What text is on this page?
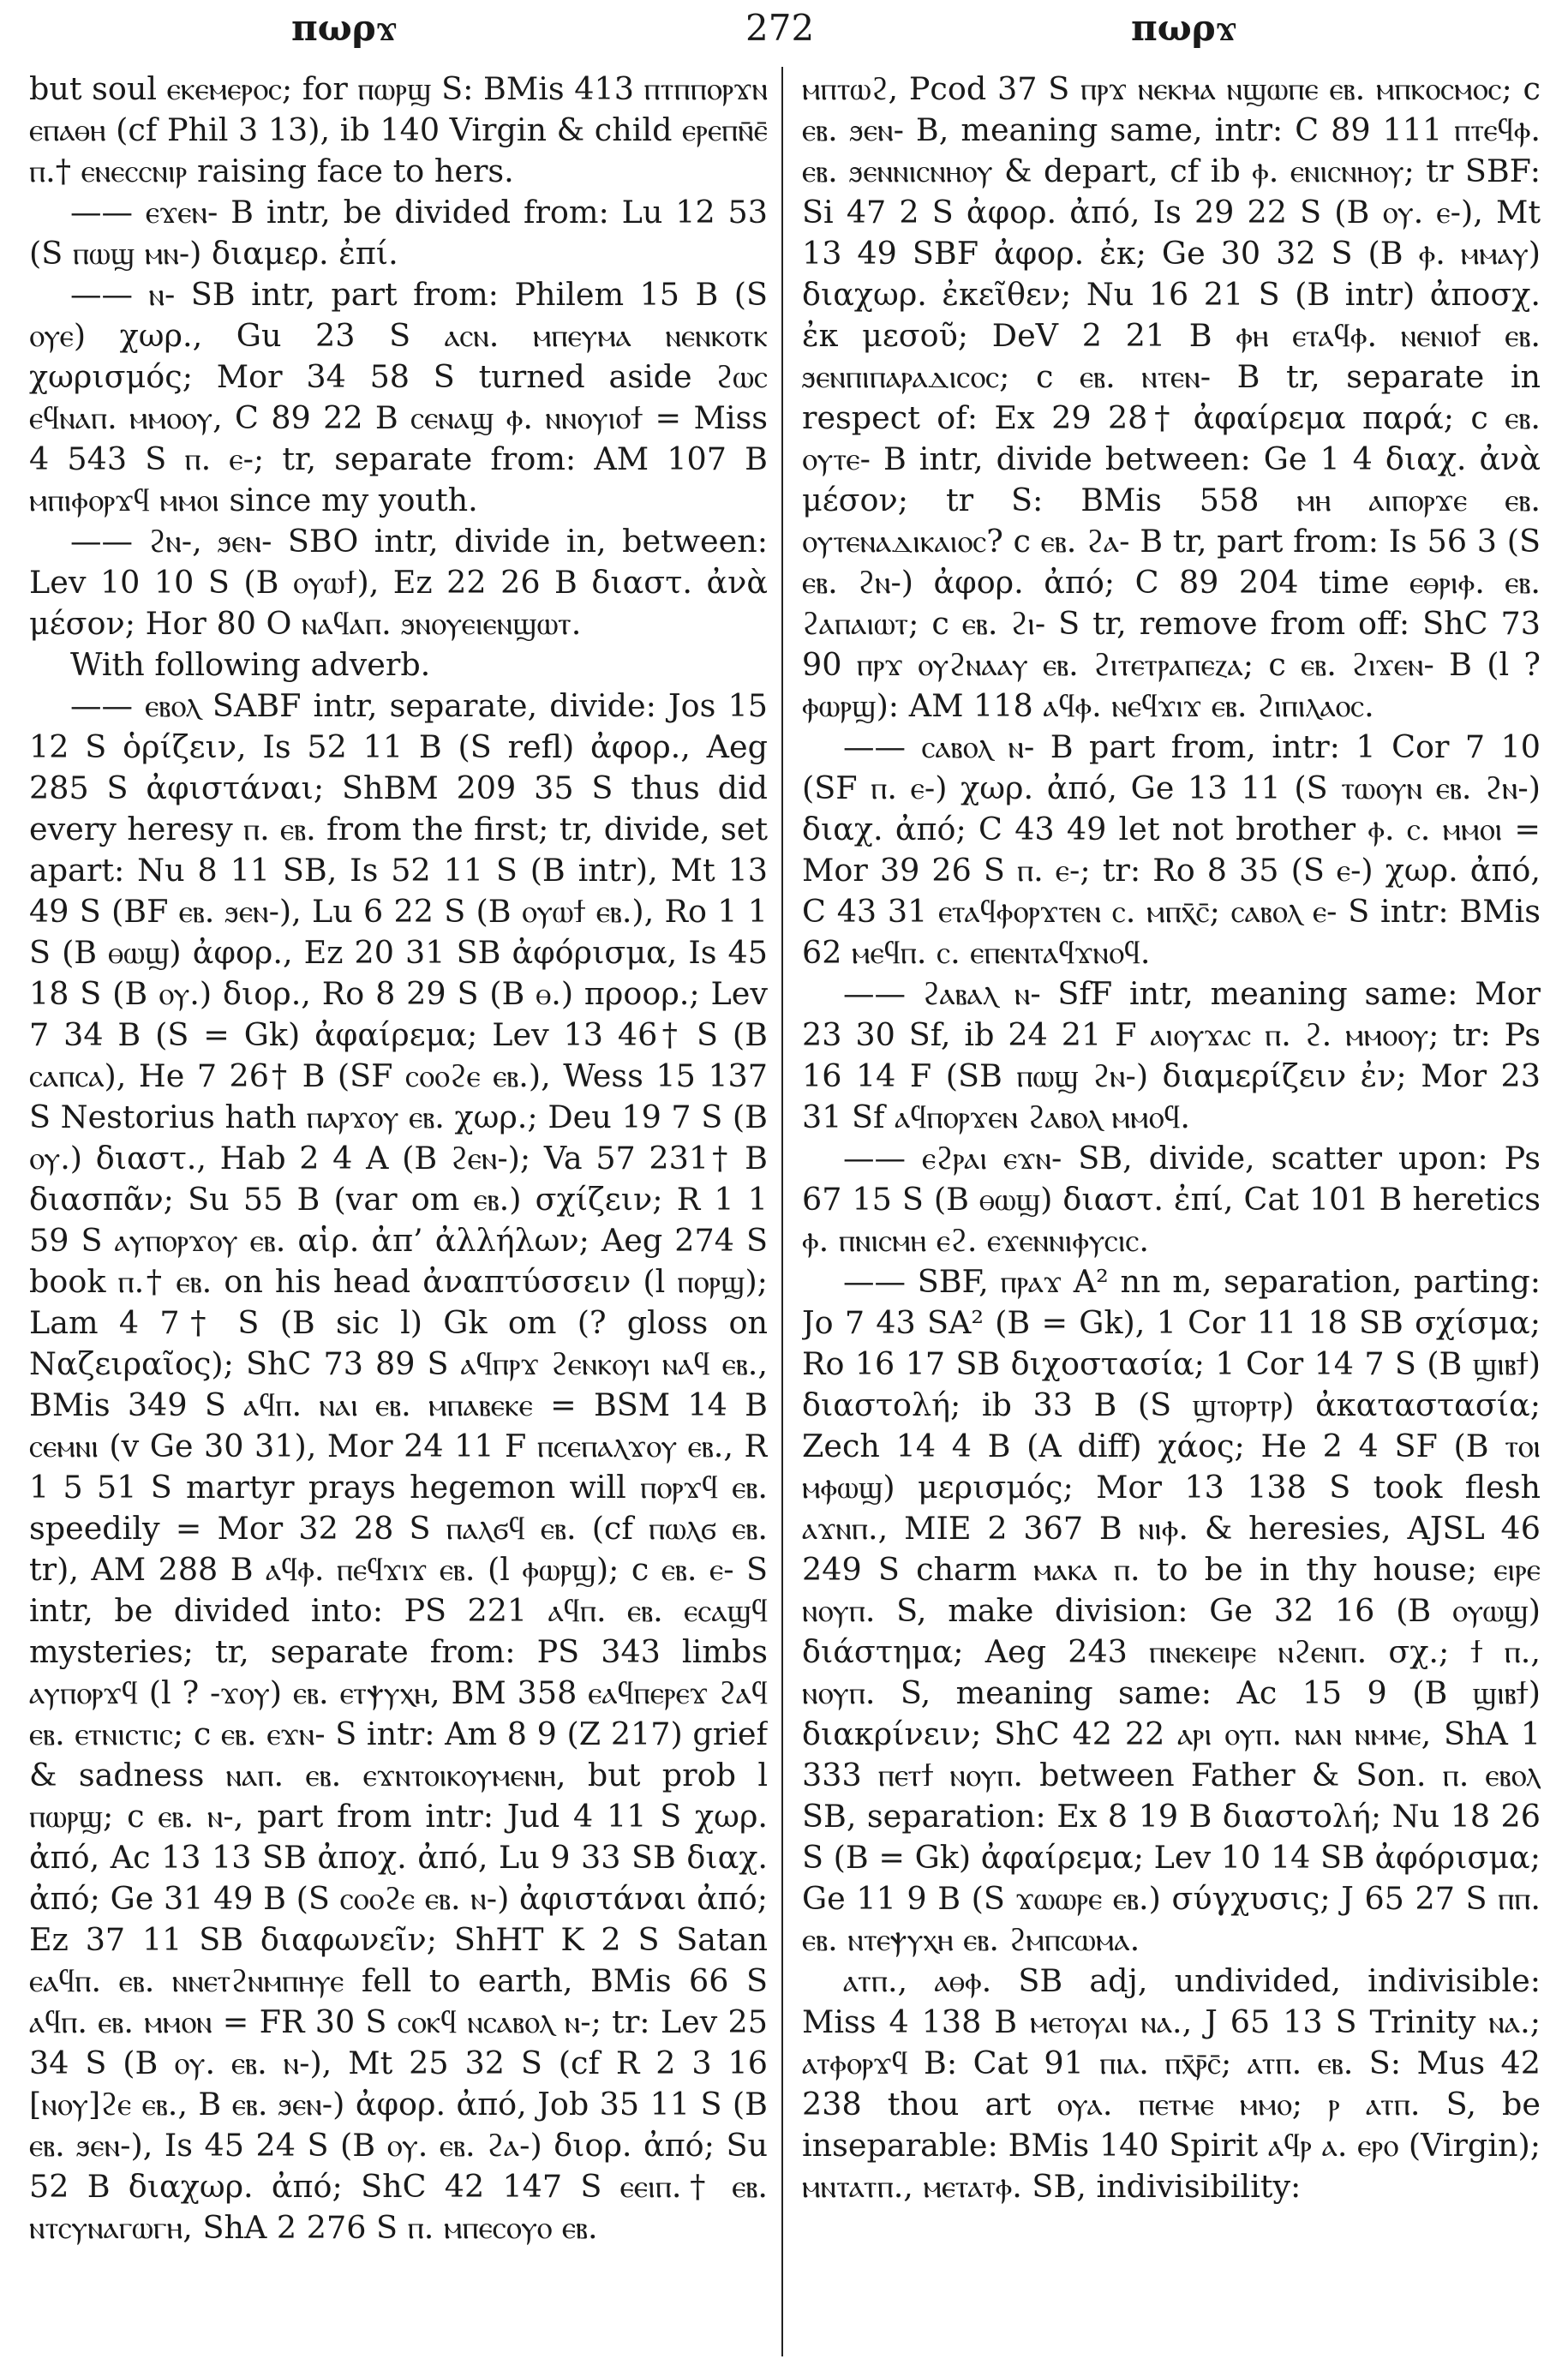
πωρϫ	272	πωρϫ

but soul ⲉⲕⲉⲙⲉⲣⲟⲥ; for ⲡⲱⲣϣ S: BMis 413 ⲡⲧⲡⲡⲟⲣϫⲛ ⲉⲡⲁⲑⲏ (cf Phil 3 13), ib 140 Virgin & child ⲉⲣⲉⲡⲛ̄ⲉ̄ ⲡ.† ⲉⲛⲉⲥⲥⲛⲓⲣ raising face to hers.

—— ⲉϫⲉⲛ- B intr, be divided from: Lu 12 53 (S ⲡⲱϣ ⲙⲛ-) διαμερ. ἐπί.

—— ⲛ- SB intr, part from: Philem 15 B (S ⲟⲩⲉ) χωρ., Gu 23 S ⲁⲥⲛ. ⲙⲡⲉⲩⲙⲁ ⲛⲉⲛⲕⲟⲧⲕ χωρισμός; Mor 34 58 S turned aside ϩⲱⲥ ⲉϥⲛⲁⲡ. ⲙⲙⲟⲟⲩ, C 89 22 B ⲥⲉⲛⲁϣ ⲫ. ⲛⲛⲟⲩⲓⲟϯ = Miss 4 543 S ⲡ. ⲉ-; tr, separate from: AM 107 B ⲙⲡⲓⲫⲟⲣϫϥ ⲙⲙⲟⲓ since my youth.

—— ϩⲛ-, ϧⲉⲛ- SBO intr, divide in, between: Lev 10 10 S (B ⲟⲩⲱϯ), Ez 22 26 B διαστ. ἀνὰ μέσον; Hor 80 O ⲛⲁϥⲁⲡ. ϧⲛⲟⲩⲉⲓⲉⲛϣⲱⲧ.

With following adverb.

—— ⲉⲃⲟⲗ SABF intr, separate, divide: Jos 15 12 S ὁρίζειν, Is 52 11 B (S refl) ἀφορ., Aeg 285 S ἀφιστάναι; ShBM 209 35 S thus did every heresy ⲡ. ⲉⲃ. from the first; tr, divide, set apart: Nu 8 11 SB, Is 52 11 S (B intr), Mt 13 49 S (BF ⲉⲃ. ϧⲉⲛ-), Lu 6 22 S (B ⲟⲩⲱϯ ⲉⲃ.), Ro 1 1 S (B ⲑⲱϣ) ἀφορ., Ez 20 31 SB ἀφόρισμα, Is 45 18 S (B ⲟⲩ.) διορ., Ro 8 29 S (B ⲑ.) προορ.; Lev 7 34 B (S = Gk) ἀφαίρεμα; Lev 13 46† S (B ⲥⲁⲡⲥⲁ), He 7 26† B (SF ⲥⲟⲟϩⲉ ⲉⲃ.), Wess 15 137 S Nestorius hath ⲡⲁⲣϫⲟⲩ ⲉⲃ. χωρ.; Deu 19 7 S (B ⲟⲩ.) διαστ., Hab 2 4 A (B ϩⲉⲛ-); Va 57 231† B διασπᾶν; Su 55 B (var om ⲉⲃ.) σχίζειν; R 1 1 59 S ⲁⲩⲡⲟⲣϫⲟⲩ ⲉⲃ. αἱρ. ἀπ’ ἀλλήλων; Aeg 274 S book ⲡ.† ⲉⲃ. on his head ἀναπτύσσειν (l ⲡⲟⲣϣ); Lam 4 7† S (B sic l) Gk om (? gloss on Ναζειραῖος); ShC 73 89 S ⲁϥⲡⲣϫ ϩⲉⲛⲕⲟⲩⲓ ⲛⲁϥ ⲉⲃ., BMis 349 S ⲁϥⲡ. ⲛⲁⲓ ⲉⲃ. ⲙⲡⲁⲃⲉⲕⲉ = BSM 14 B ⲥⲉⲙⲛⲓ (v Ge 30 31), Mor 24 11 F ⲡⲥⲉⲡⲁⲗϫⲟⲩ ⲉⲃ., R 1 5 51 S martyr prays hegemon will ⲡⲟⲣϫϥ ⲉⲃ. speedily = Mor 32 28 S ⲡⲁⲗϭϥ ⲉⲃ. (cf ⲡⲱⲗϭ ⲉⲃ. tr), AM 288 B ⲁϥⲫ. ⲡⲉϥϫⲓϫ ⲉⲃ. (l ⲫⲱⲣϣ); c ⲉⲃ. ⲉ- S intr, be divided into: PS 221 ⲁϥⲡ. ⲉⲃ. ⲉⲥⲁϣϥ mysteries; tr, separate from: PS 343 limbs ⲁⲩⲡⲟⲣϫϥ (l ? -ϫⲟⲩ) ⲉⲃ. ⲉⲧⲯⲩⲭⲏ, BM 358 ⲉⲁϥⲡⲉⲣⲉϫ ϩⲁϥ ⲉⲃ. ⲉⲧⲛⲓⲥⲧⲓⲥ; c ⲉⲃ. ⲉϫⲛ- S intr: Am 8 9 (Z 217) grief & sadness ⲛⲁⲡ. ⲉⲃ. ⲉϫⲛⲧⲟⲓⲕⲟⲩⲙⲉⲛⲏ, but prob l ⲡⲱⲣϣ; c ⲉⲃ. ⲛ-, part from intr: Jud 4 11 S χωρ. ἀπό, Ac 13 13 SB ἀποχ. ἀπό, Lu 9 33 SB διαχ. ἀπό; Ge 31 49 B (S ⲥⲟⲟϩⲉ ⲉⲃ. ⲛ-) ἀφιστάναι ἀπό; Ez 37 11 SB διαφωνεῖν; ShHT K 2 S Satan ⲉⲁϥⲡ. ⲉⲃ. ⲛⲛⲉⲧϩⲛⲙⲡⲏⲩⲉ fell to earth, BMis 66 S ⲁϥⲡ. ⲉⲃ. ⲙⲙⲟⲛ = FR 30 S ⲥⲟⲕϥ ⲛⲥⲁⲃⲟⲗ ⲛ-; tr: Lev 25 34 S (B ⲟⲩ. ⲉⲃ. ⲛ-), Mt 25 32 S (cf R 2 3 16 [ⲛⲟⲩ]ϩⲉ ⲉⲃ., B ⲉⲃ. ϧⲉⲛ-) ἀφορ. ἀπό, Job 35 11 S (B ⲉⲃ. ϧⲉⲛ-), Is 45 24 S (B ⲟⲩ. ⲉⲃ. ϩⲁ-) διορ. ἀπό; Su 52 B διαχωρ. ἀπό; ShC 42 147 S ⲉⲉⲓⲡ.† ⲉⲃ. ⲛⲧⲥⲩⲛⲁⲅⲱⲅⲏ, ShA 2 276 S ⲡ. ⲙⲡⲉⲥⲟⲩⲟ ⲉⲃ.

ⲙⲡⲧⲱϩ, Pcod 37 S ⲡⲣϫ ⲛⲉⲕⲙⲁ ⲛϣⲱⲡⲉ ⲉⲃ. ⲙⲡⲕⲟⲥⲙⲟⲥ; c ⲉⲃ. ϧⲉⲛ- B, meaning same, intr: C 89 111 ⲡⲧⲉϥⲫ. ⲉⲃ. ϧⲉⲛⲛⲓⲥⲛⲏⲟⲩ & depart, cf ib ⲫ. ⲉⲛⲓⲥⲛⲏⲟⲩ; tr SBF: Si 47 2 S ἀφορ. ἀπό, Is 29 22 S (B ⲟⲩ. ⲉ-), Mt 13 49 SBF ἀφορ. ἐκ; Ge 30 32 S (B ⲫ. ⲙⲙⲁⲩ) διαχωρ. ἐκεῖθεν; Nu 16 21 S (B intr) ἀποσχ. ἐκ μεσοῦ; DeV 2 21 B ⲫⲏ ⲉⲧⲁϥⲫ. ⲛⲉⲛⲓⲟϯ ⲉⲃ. ϧⲉⲛⲡⲓⲡⲁⲣⲁⲇⲓⲥⲟⲥ; c ⲉⲃ. ⲛⲧⲉⲛ- B tr, separate in respect of: Ex 29 28† ἀφαίρεμα παρά; c ⲉⲃ. ⲟⲩⲧⲉ- B intr, divide between: Ge 1 4 διαχ. ἀνὰ μέσον; tr S: BMis 558 ⲙⲏ ⲁⲓⲡⲟⲣϫⲉ ⲉⲃ. ⲟⲩⲧⲉⲛⲁⲇⲓⲕⲁⲓⲟⲥ? c ⲉⲃ. ϩⲁ- B tr, part from: Is 56 3 (S ⲉⲃ. ϩⲛ-) ἀφορ. ἀπό; C 89 204 time ⲉⲑⲣⲓⲫ. ⲉⲃ. ϩⲁⲡⲁⲓⲱⲧ; c ⲉⲃ. ϩⲓ- S tr, remove from off: ShC 73 90 ⲡⲣϫ ⲟⲩϩⲛⲁⲁⲩ ⲉⲃ. ϩⲓⲧⲉⲧⲣⲁⲡⲉⲍⲁ; c ⲉⲃ. ϩⲓϫⲉⲛ- B (l ? ⲫⲱⲣϣ): AM 118 ⲁϥⲫ. ⲛⲉϥϫⲓϫ ⲉⲃ. ϩⲓⲡⲓⲗⲁⲟⲥ.

—— ⲥⲁⲃⲟⲗ ⲛ- B part from, intr: 1 Cor 7 10 (SF ⲡ. ⲉ-) χωρ. ἀπό, Ge 13 11 (S ⲧⲱⲟⲩⲛ ⲉⲃ. ϩⲛ-) διαχ. ἀπό; C 43 49 let not brother ⲫ. ⲥ. ⲙⲙⲟⲓ = Mor 39 26 S ⲡ. ⲉ-; tr: Ro 8 35 (S ⲉ-) χωρ. ἀπό, C 43 31 ⲉⲧⲁϥⲫⲟⲣϫⲧⲉⲛ ⲥ. ⲙⲡⲭ̄ⲥ̄; ⲥⲁⲃⲟⲗ ⲉ- S intr: BMis 62 ⲙⲉϥⲡ. ⲥ. ⲉⲡⲉⲛⲧⲁϥϫⲛⲟϥ.

—— ϩⲁⲃⲁⲗ ⲛ- SfF intr, meaning same: Mor 23 30 Sf, ib 24 21 F ⲁⲓⲟⲩϫⲁⲥ ⲡ. ϩ. ⲙⲙⲟⲟⲩ; tr: Ps 16 14 F (SB ⲡⲱϣ ϩⲛ-) διαμερίζειν ἐν; Mor 23 31 Sf ⲁϥⲡⲟⲣϫⲉⲛ ϩⲁⲃⲟⲗ ⲙⲙⲟϥ.

—— ⲉϩⲣⲁⲓ ⲉϫⲛ- SB, divide, scatter upon: Ps 67 15 S (B ⲑⲱϣ) διαστ. ἐπί, Cat 101 B heretics ⲫ. ⲡⲛⲓⲥⲙⲏ ⲉϩ. ⲉϫⲉⲛⲛⲓⲫⲩⲥⲓⲥ.

—— SBF, ⲡⲣⲁϫ A² nn m, separation, parting: Jo 7 43 SA² (B = Gk), 1 Cor 11 18 SB σχίσμα; Ro 16 17 SB διχοστασία; 1 Cor 14 7 S (B ϣⲓⲃϯ) διαστολή; ib 33 B (S ϣⲧⲟⲣⲧⲣ) ἀκαταστασία; Zech 14 4 B (A diff) χάος; He 2 4 SF (B ⲧⲟⲓ ⲙⲫⲱϣ) μερισμός; Mor 13 138 S took flesh ⲁϫⲛⲡ., MIE 2 367 B ⲛⲓⲫ. & heresies, AJSL 46 249 S charm ⲙⲁⲕⲁ ⲡ. to be in thy house; ⲉⲓⲣⲉ ⲛⲟⲩⲡ. S, make division: Ge 32 16 (B ⲟⲩⲱϣ) διάστημα; Aeg 243 ⲡⲛⲉⲕⲉⲓⲣⲉ ⲛϩⲉⲛⲡ. σχ.; ϯ ⲡ., ⲛⲟⲩⲡ. S, meaning same: Ac 15 9 (B ϣⲓⲃϯ) διακρίνειν; ShC 42 22 ⲁⲣⲓ ⲟⲩⲡ. ⲛⲁⲛ ⲛⲙⲙⲉ, ShA 1 333 ⲡⲉⲧϯ ⲛⲟⲩⲡ. between Father & Son. ⲡ. ⲉⲃⲟⲗ SB, separation: Ex 8 19 B διαστολή; Nu 18 26 S (B = Gk) ἀφαίρεμα; Lev 10 14 SB ἀφόρισμα; Ge 11 9 B (S ϫⲱⲱⲣⲉ ⲉⲃ.) σύγχυσις; J 65 27 S ⲡⲡ. ⲉⲃ. ⲛⲧⲉⲯⲩⲭⲏ ⲉⲃ. ϩⲙⲡⲥⲱⲙⲁ.

ⲁⲧⲡ., ⲁⲑⲫ. SB adj, undivided, indivisible: Miss 4 138 B ⲙⲉⲧⲟⲩⲁⲓ ⲛⲁ., J 65 13 S Trinity ⲛⲁ.; ⲁⲧⲫⲟⲣϫϥ B: Cat 91 ⲡⲓⲁ. ⲡⲭ̄ⲣ̄ⲥ̄; ⲁⲧⲡ. ⲉⲃ. S: Mus 42 238 thou art ⲟⲩⲁ. ⲡⲉⲧⲙⲉ ⲙⲙⲟ; ⲣ ⲁⲧⲡ. S, be inseparable: BMis 140 Spirit ⲁϥⲣ ⲁ. ⲉⲣⲟ (Virgin); ⲙⲛⲧⲁⲧⲡ., ⲙⲉⲧⲁⲧⲫ. SB, indivisibility:
